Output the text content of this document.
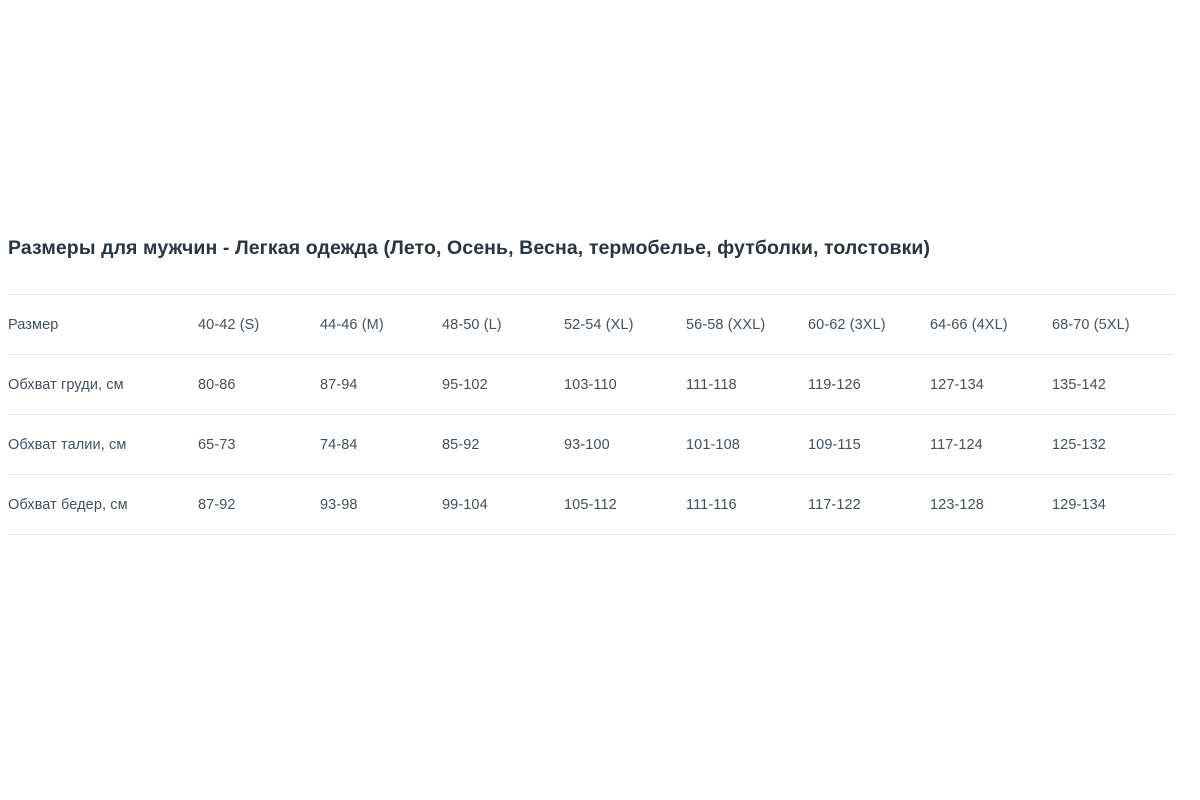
Размеры для мужчин - Легкая одежда (Лето, Осень, Весна, термобелье, футболки, толстовки)
Размер	40-42 (S)	44-46 (M)	48-50 (L)	52-54 (XL)	56-58 (XXL)	60-62 (3XL)	64-66 (4XL)	68-70 (5XL)
Обхват груди, см	80-86	87-94	95-102	103-110	111-118	119-126	127-134	135-142
Обхват талии, см	65-73	74-84	85-92	93-100	101-108	109-115	117-124	125-132
Обхват бедер, см	87-92	93-98	99-104	105-112	111-116	117-122	123-128	129-134
